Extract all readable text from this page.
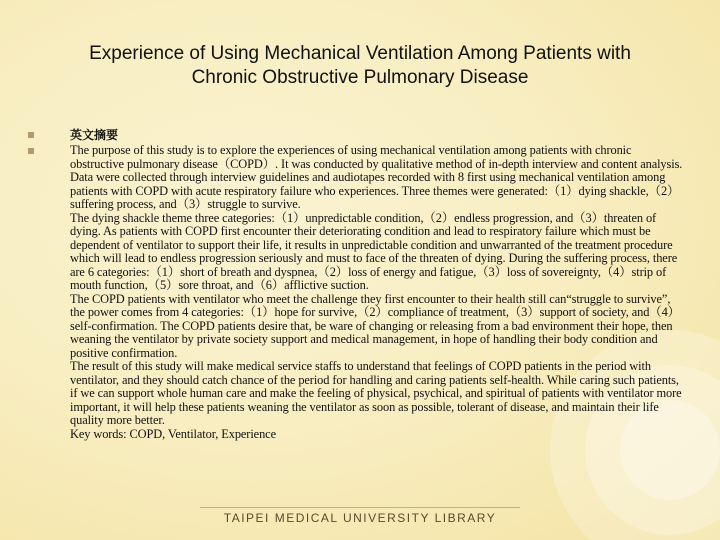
Experience of Using Mechanical Ventilation Among Patients with
Chronic Obstructive Pulmonary Disease
英文摘要

The purpose of this study is to explore the experiences of using mechanical ventilation among patients with chronic obstructive pulmonary disease（COPD）. It was conducted by qualitative method of in-depth interview and content analysis. Data were collected through interview guidelines and audiotapes recorded with 8 first using mechanical ventilation among patients with COPD with acute respiratory failure who experiences. Three themes were generated:（1）dying shackle,（2）suffering process, and（3）struggle to survive.

The dying shackle theme three categories:（1）unpredictable condition,（2）endless progression, and（3）threaten of dying. As patients with COPD first encounter their deteriorating condition and lead to respiratory failure which must be dependent of ventilator to support their life, it results in unpredictable condition and unwarranted of the treatment procedure which will lead to endless progression seriously and must to face of the threaten of dying. During the suffering process, there are 6 categories:（1）short of breath and dyspnea,（2）loss of energy and fatigue,（3）loss of sovereignty,（4）strip of mouth function,（5）sore throat, and（6）afflictive suction.

The COPD patients with ventilator who meet the challenge they first encounter to their health still can“struggle to survive”, the power comes from 4 categories:（1）hope for survive,（2）compliance of treatment,（3）support of society, and（4）self-confirmation. The COPD patients desire that, be ware of changing or releasing from a bad environment their hope, then weaning the ventilator by private society support and medical management, in hope of handling their body condition and positive confirmation.

The result of this study will make medical service staffs to understand that feelings of COPD patients in the period with ventilator, and they should catch chance of the period for handling and caring patients self-health. While caring such patients, if we can support whole human care and make the feeling of physical, psychical, and spiritual of patients with ventilator more important, it will help these patients weaning the ventilator as soon as possible, tolerant of disease, and maintain their life quality more better.

Key words: COPD, Ventilator, Experience

TAIPEI MEDICAL UNIVERSITY LIBRARY
